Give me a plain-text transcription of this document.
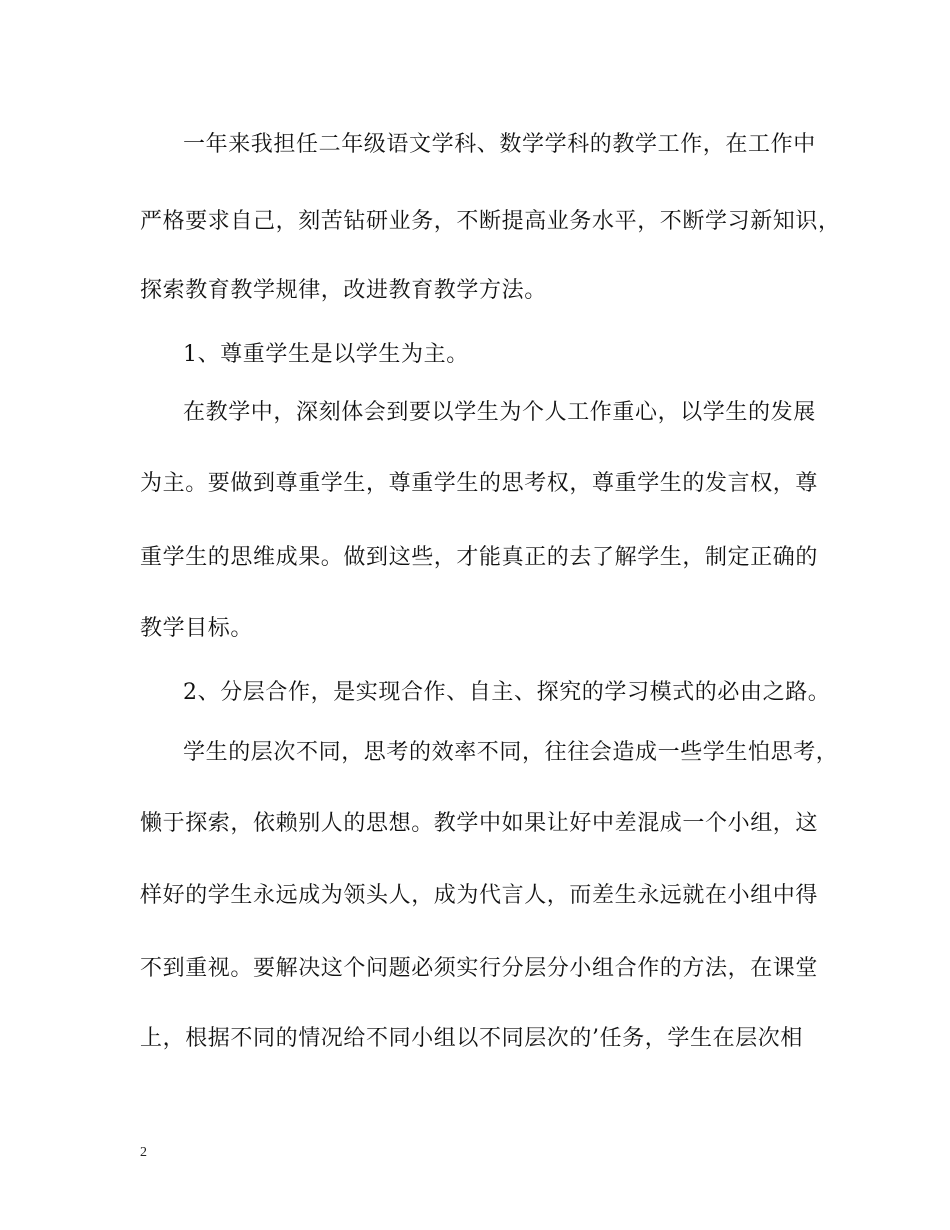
一年来我担任二年级语文学科、数学学科的教学工作，在工作中
严格要求自己，刻苦钻研业务，不断提高业务水平，不断学习新知识，
探索教育教学规律，改进教育教学方法。
1、尊重学生是以学生为主。
在教学中，深刻体会到要以学生为个人工作重心，以学生的发展
为主。要做到尊重学生，尊重学生的思考权，尊重学生的发言权，尊
重学生的思维成果。做到这些，才能真正的去了解学生，制定正确的
教学目标。
2、分层合作，是实现合作、自主、探究的学习模式的必由之路。
学生的层次不同，思考的效率不同，往往会造成一些学生怕思考，
懒于探索，依赖别人的思想。教学中如果让好中差混成一个小组，这
样好的学生永远成为领头人，成为代言人，而差生永远就在小组中得
不到重视。要解决这个问题必须实行分层分小组合作的方法，在课堂
上，根据不同的情况给不同小组以不同层次的’任务，学生在层次相
2
